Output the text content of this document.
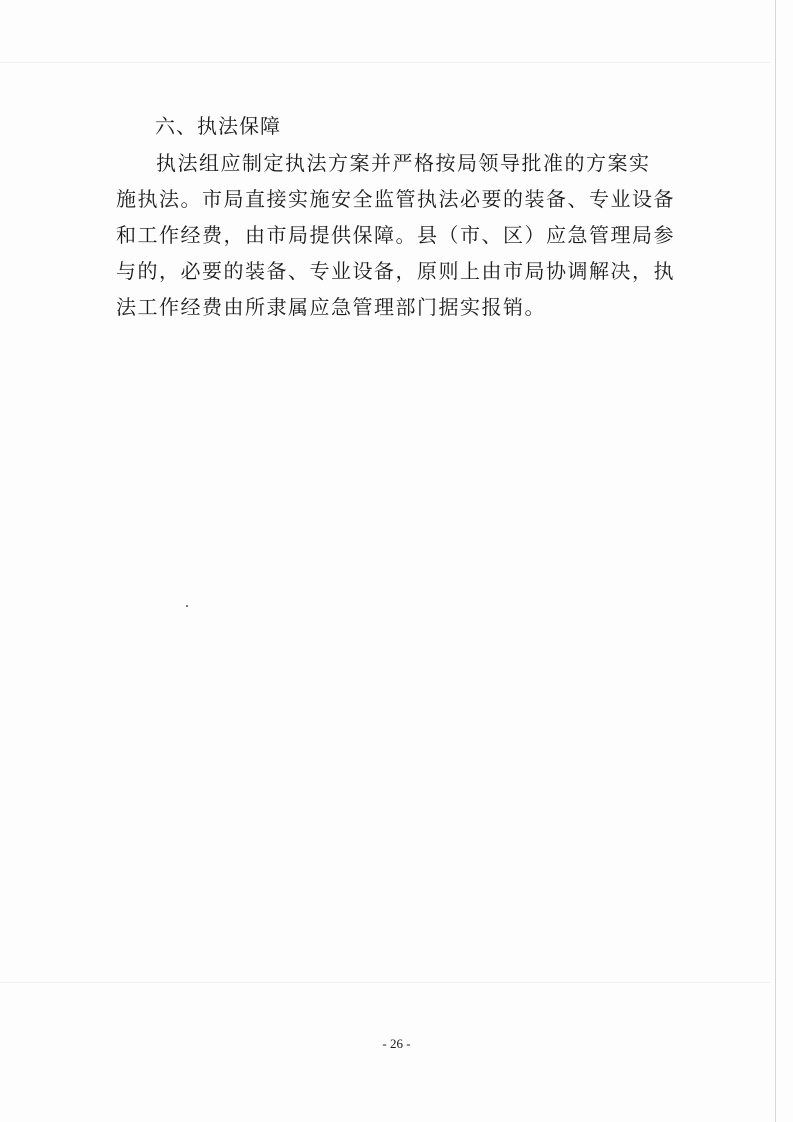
六、执法保障
执法组应制定执法方案并严格按局领导批准的方案实
施执法。市局直接实施安全监管执法必要的装备、专业设备
和工作经费，由市局提供保障。县（市、区）应急管理局参
与的，必要的装备、专业设备，原则上由市局协调解决，执
法工作经费由所隶属应急管理部门据实报销。
- 26 -
